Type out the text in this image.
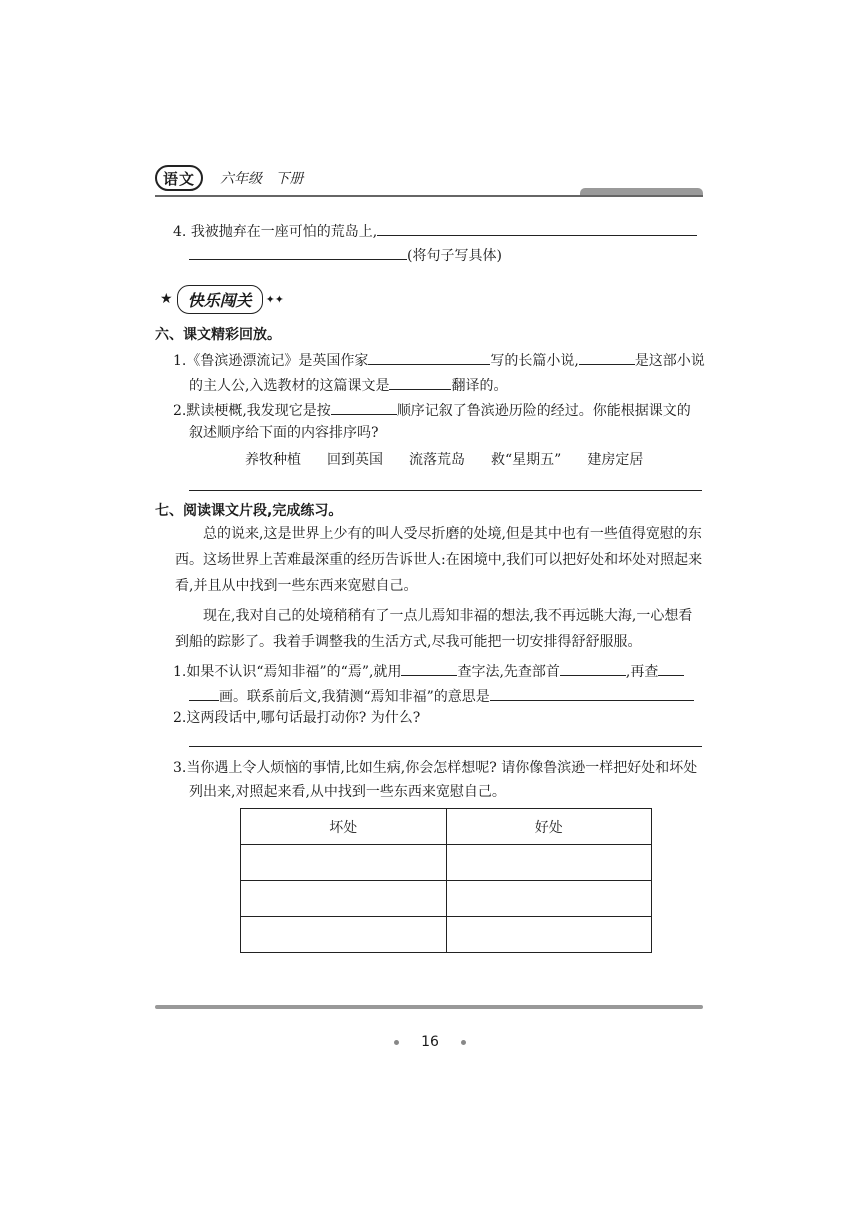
语文 六年级 下册
4. 我被抛弃在一座可怕的荒岛上,
(将句子写具体)
★ 快乐闯关	✦✦
六、课文精彩回放。
1.《鲁滨逊漂流记》是英国作家	写的长篇小说,	是这部小说
的主人公,入选教材的这篇课文是	翻译的。
2.默读梗概,我发现它是按	顺序记叙了鲁滨逊历险的经过。你能根据课文的
叙述顺序给下面的内容排序吗?
养牧种植 回到英国 流落荒岛 救“星期五” 建房定居
七、阅读课文片段,完成练习。
总的说来,这是世界上少有的叫人受尽折磨的处境,但是其中也有一些值得宽慰的东
西。这场世界上苦难最深重的经历告诉世人:在困境中,我们可以把好处和坏处对照起来
看,并且从中找到一些东西来宽慰自己。
现在,我对自己的处境稍稍有了一点儿焉知非福的想法,我不再远眺大海,一心想看
到船的踪影了。我着手调整我的生活方式,尽我可能把一切安排得舒舒服服。
1.如果不认识“焉知非福”的“焉”,就用	查字法,先查部首	,再查
画。联系前后文,我猜测“焉知非福”的意思是
2.这两段话中,哪句话最打动你? 为什么?
3.当你遇上令人烦恼的事情,比如生病,你会怎样想呢? 请你像鲁滨逊一样把好处和坏处
列出来,对照起来看,从中找到一些东西来宽慰自己。
坏处	好处

16
